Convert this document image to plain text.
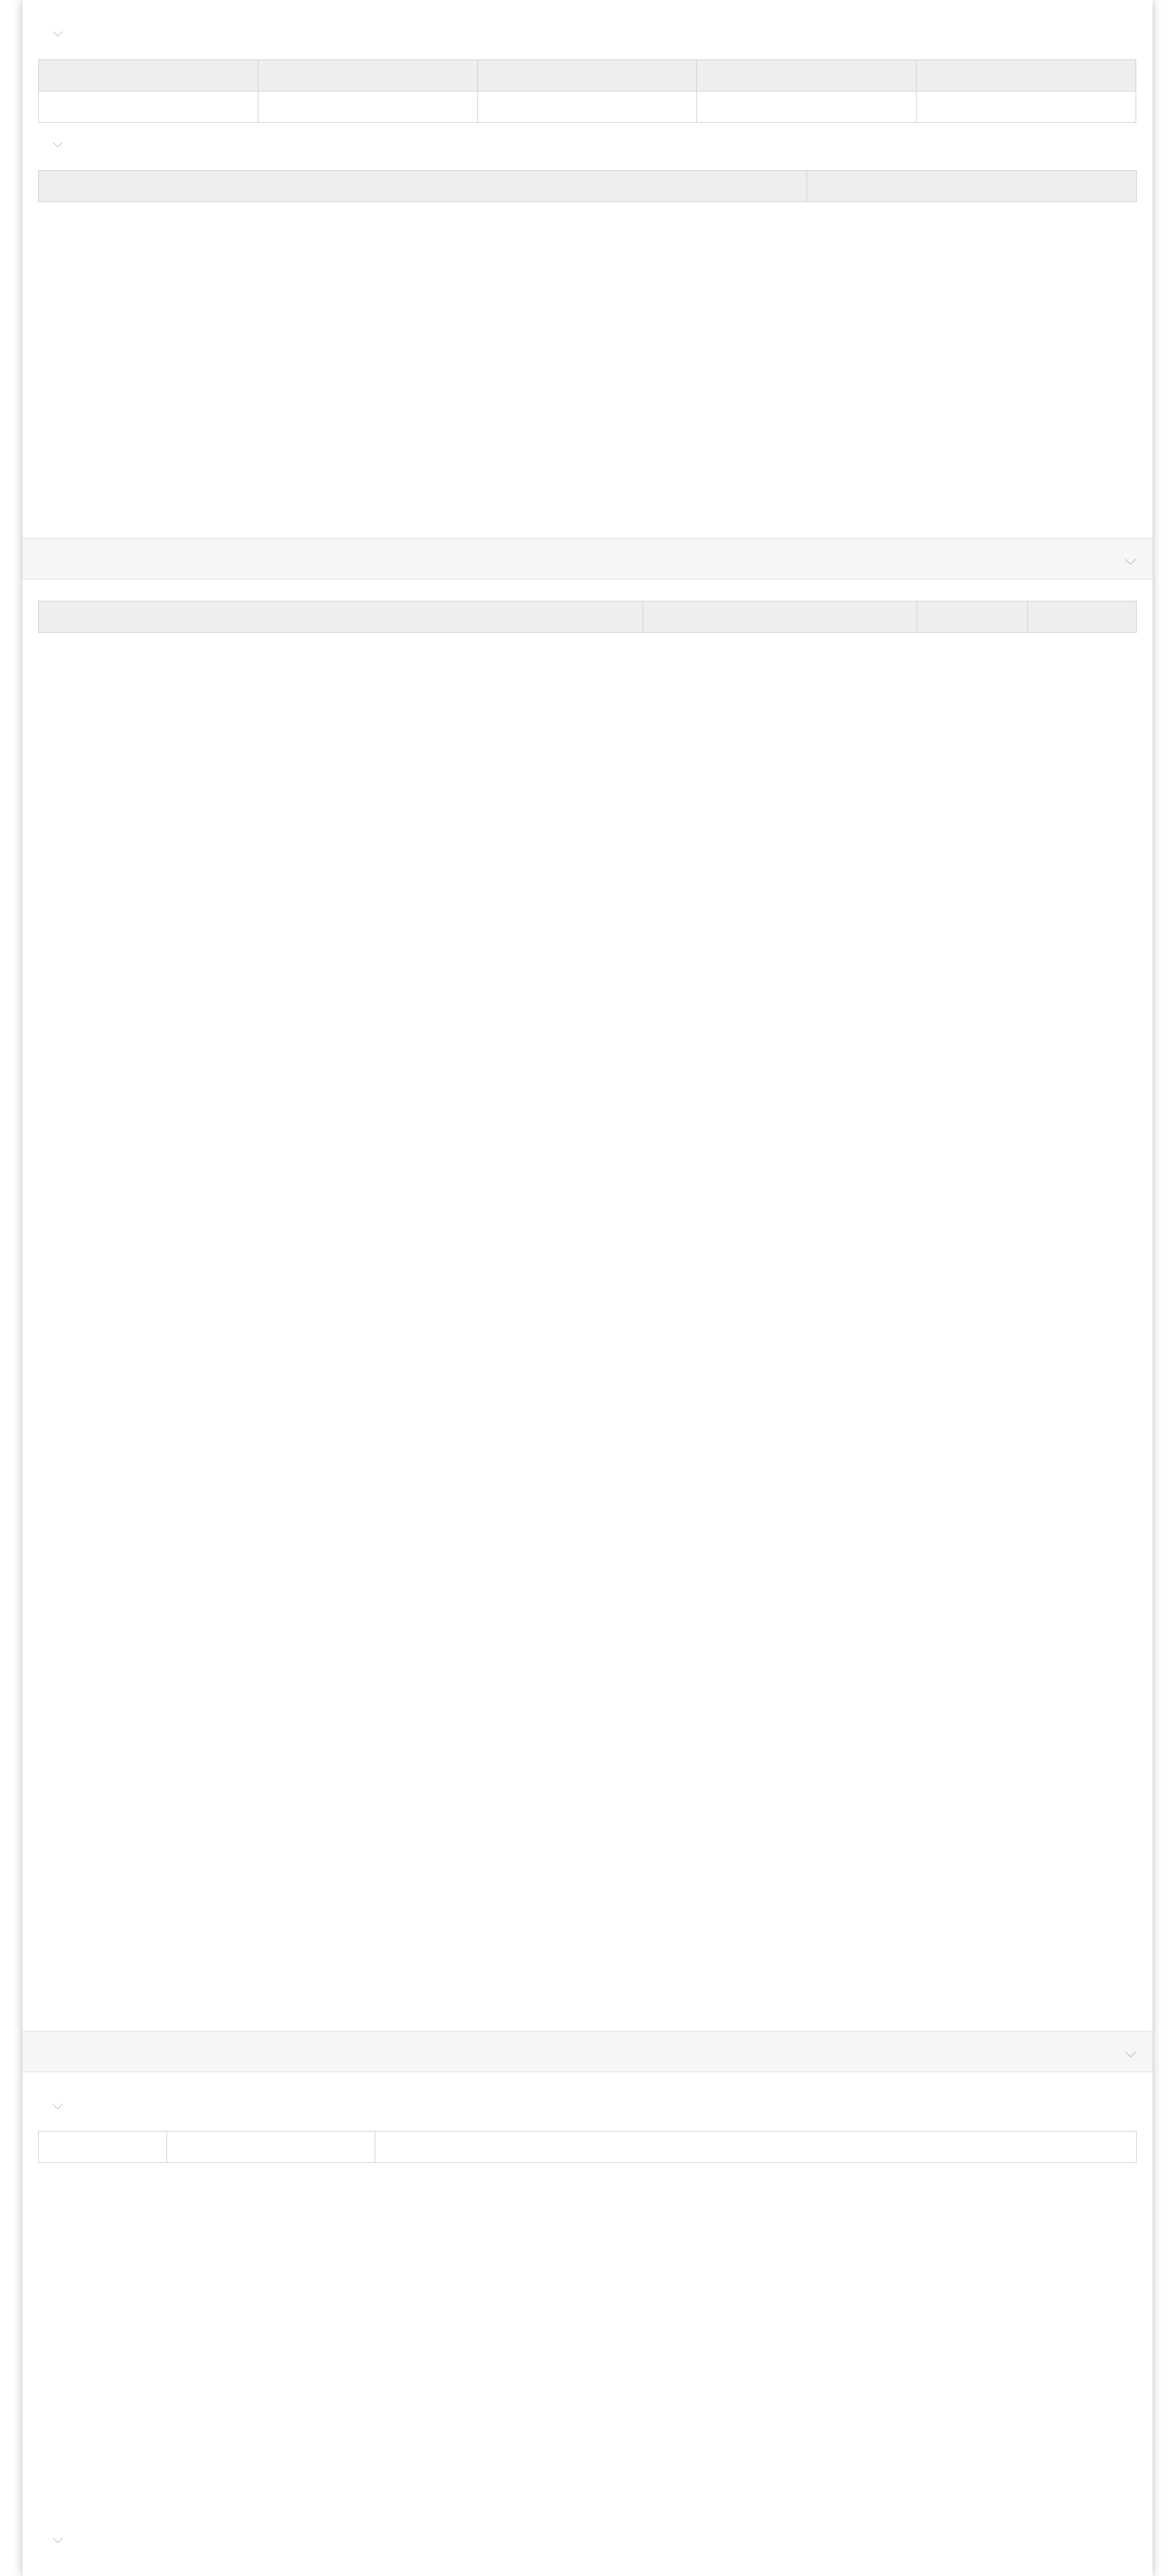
⌵

⌵

⌵

⌵
⌵

⌵
